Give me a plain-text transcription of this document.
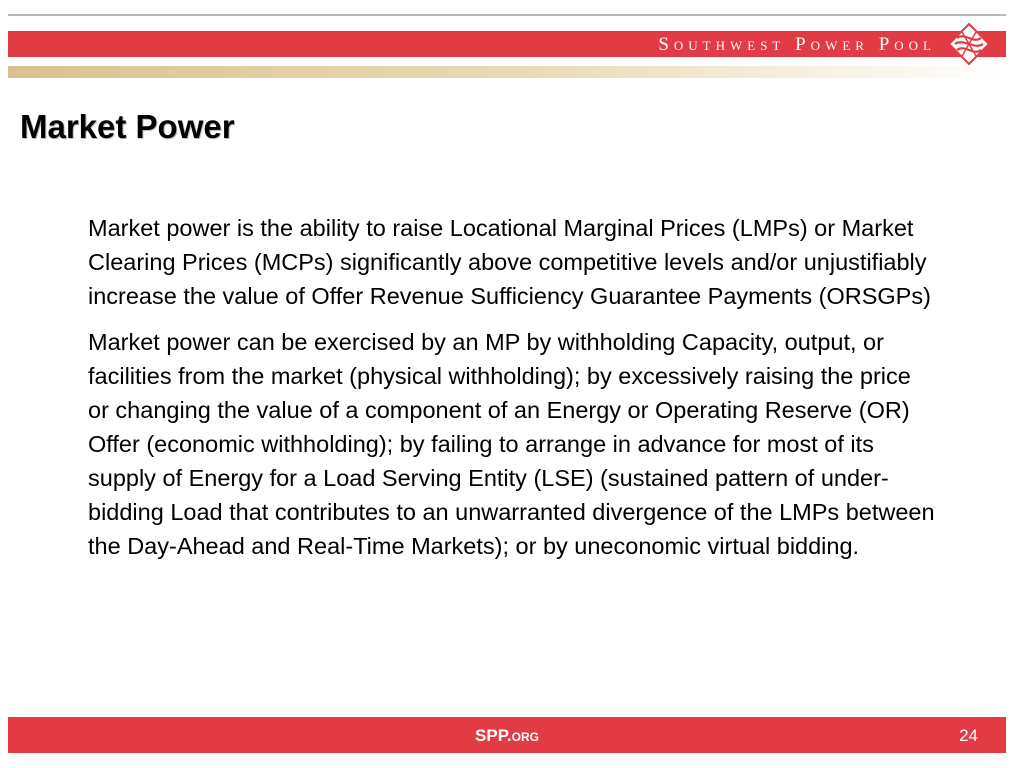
Southwest Power Pool
Market Power

Market power is the ability to raise Locational Marginal Prices (LMPs) or Market Clearing Prices (MCPs) significantly above competitive levels and/or unjustifiably increase the value of Offer Revenue Sufficiency Guarantee Payments (ORSGPs)

Market power can be exercised by an MP by withholding Capacity, output, or facilities from the market (physical withholding); by excessively raising the price or changing the value of a component of an Energy or Operating Reserve (OR) Offer (economic withholding); by failing to arrange in advance for most of its supply of Energy for a Load Serving Entity (LSE) (sustained pattern of under-bidding Load that contributes to an unwarranted divergence of the LMPs between the Day-Ahead and Real-Time Markets); or by uneconomic virtual bidding.

SPP.org	24
